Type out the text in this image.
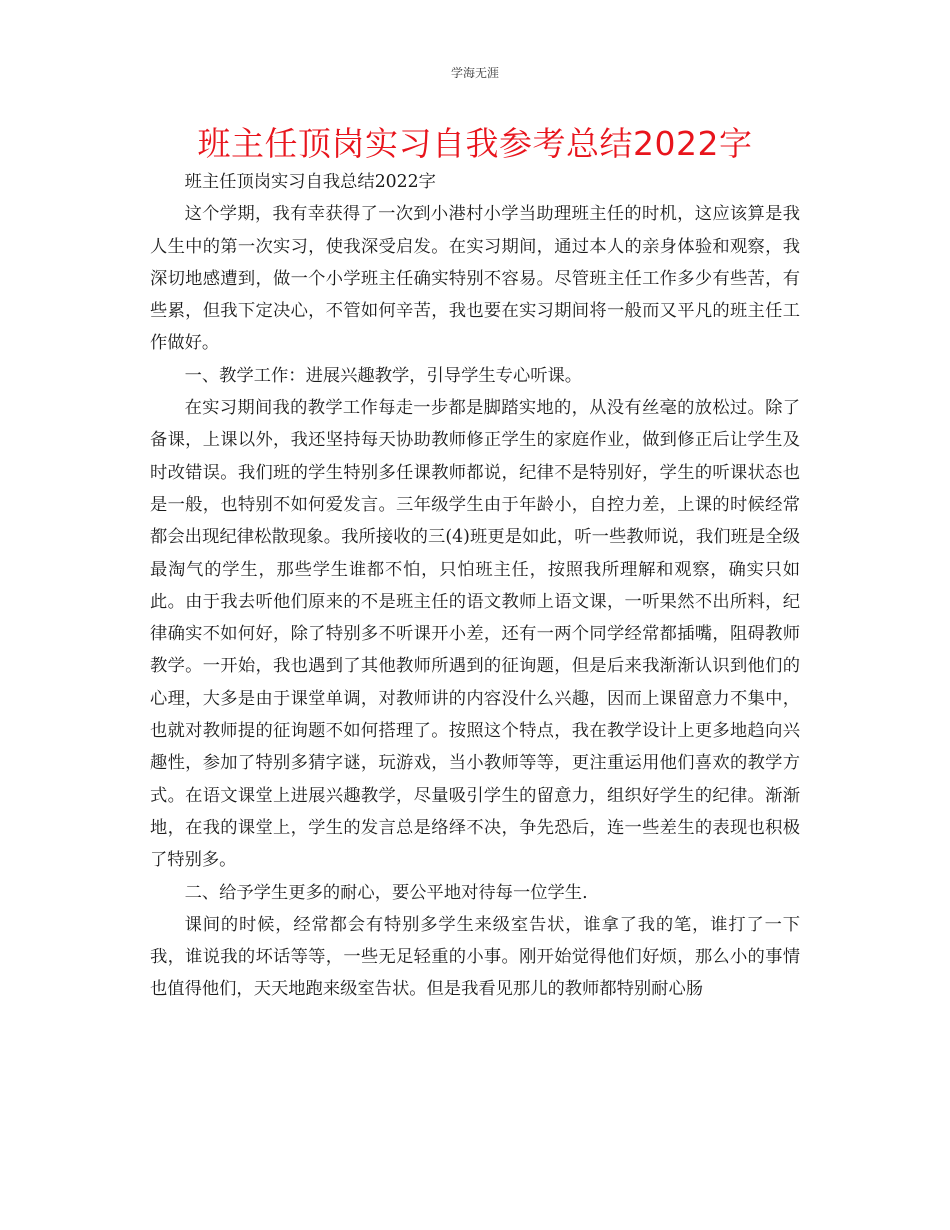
学海无涯
班主任顶岗实习自我参考总结2022字

班主任顶岗实习自我总结2022字

这个学期，我有幸获得了一次到小港村小学当助理班主任的时机，这应该算是我人生中的第一次实习，使我深受启发。在实习期间，通过本人的亲身体验和观察，我深切地感遭到，做一个小学班主任确实特别不容易。尽管班主任工作多少有些苦，有些累，但我下定决心，不管如何辛苦，我也要在实习期间将一般而又平凡的班主任工作做好。

一、教学工作：进展兴趣教学，引导学生专心听课。

在实习期间我的教学工作每走一步都是脚踏实地的，从没有丝毫的放松过。除了备课，上课以外，我还坚持每天协助教师修正学生的家庭作业，做到修正后让学生及时改错误。我们班的学生特别多任课教师都说，纪律不是特别好，学生的听课状态也是一般，也特别不如何爱发言。三年级学生由于年龄小，自控力差，上课的时候经常都会出现纪律松散现象。我所接收的三(4)班更是如此，听一些教师说，我们班是全级最淘气的学生，那些学生谁都不怕，只怕班主任，按照我所理解和观察，确实只如此。由于我去听他们原来的不是班主任的语文教师上语文课，一听果然不出所料，纪律确实不如何好，除了特别多不听课开小差，还有一两个同学经常都插嘴，阻碍教师教学。一开始，我也遇到了其他教师所遇到的征询题，但是后来我渐渐认识到他们的心理，大多是由于课堂单调，对教师讲的内容没什么兴趣，因而上课留意力不集中，也就对教师提的征询题不如何搭理了。按照这个特点，我在教学设计上更多地趋向兴趣性，参加了特别多猜字谜，玩游戏，当小教师等等，更注重运用他们喜欢的教学方式。在语文课堂上进展兴趣教学，尽量吸引学生的留意力，组织好学生的纪律。渐渐地，在我的课堂上，学生的发言总是络绎不决，争先恐后，连一些差生的表现也积极了特别多。

二、给予学生更多的耐心，要公平地对待每一位学生.

课间的时候，经常都会有特别多学生来级室告状，谁拿了我的笔，谁打了一下我，谁说我的坏话等等，一些无足轻重的小事。刚开始觉得他们好烦，那么小的事情也值得他们，天天地跑来级室告状。但是我看见那儿的教师都特别耐心肠
